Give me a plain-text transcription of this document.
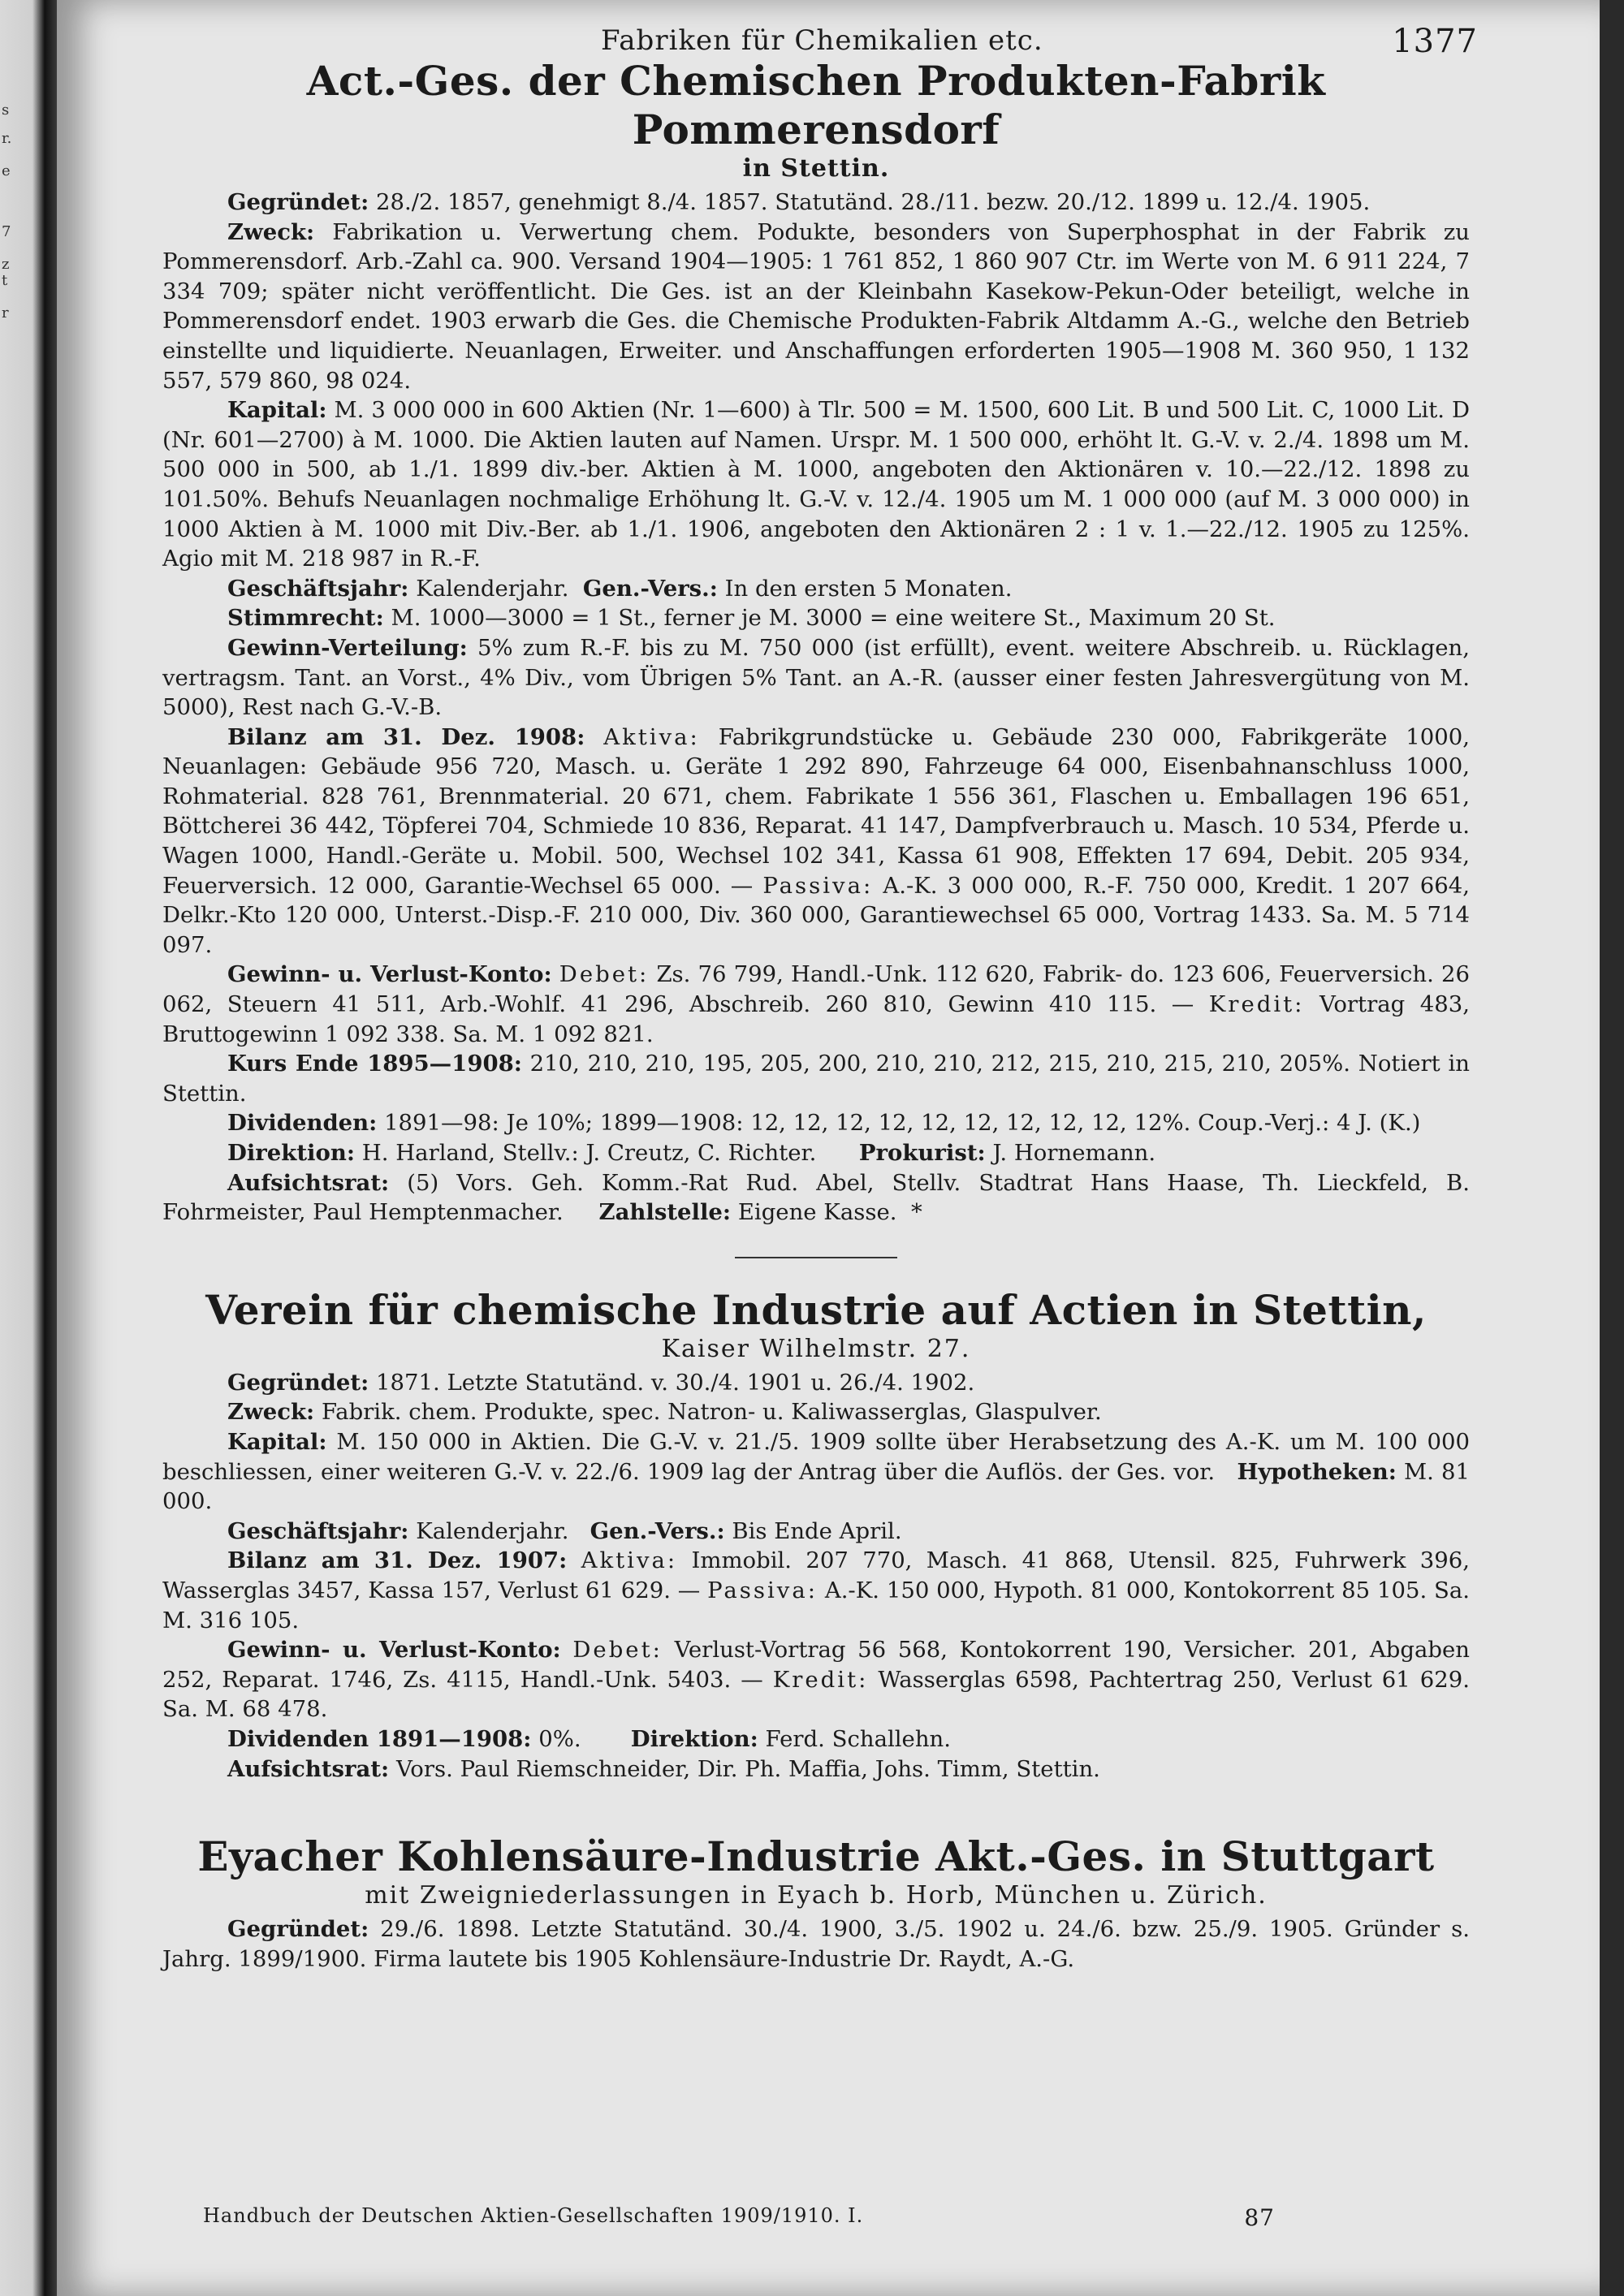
s
r.
e
7
z
t
r
Fabriken für Chemikalien etc.	1377
Act.-Ges. der Chemischen Produkten-Fabrik Pommerensdorf

in Stettin.

Gegründet: 28./2. 1857, genehmigt 8./4. 1857. Statutänd. 28./11. bezw. 20./12. 1899 u. 12./4. 1905.

Zweck: Fabrikation u. Verwertung chem. Podukte, besonders von Superphosphat in der Fabrik zu Pommerensdorf. Arb.-Zahl ca. 900. Versand 1904—1905: 1 761 852, 1 860 907 Ctr. im Werte von M. 6 911 224, 7 334 709; später nicht veröffentlicht. Die Ges. ist an der Kleinbahn Kasekow-Pekun-Oder beteiligt, welche in Pommerensdorf endet. 1903 erwarb die Ges. die Chemische Produkten-Fabrik Altdamm A.-G., welche den Betrieb einstellte und liquidierte. Neuanlagen, Erweiter. und Anschaffungen erforderten 1905—1908 M. 360 950, 1 132 557, 579 860, 98 024.

Kapital: M. 3 000 000 in 600 Aktien (Nr. 1—600) à Tlr. 500 = M. 1500, 600 Lit. B und 500 Lit. C, 1000 Lit. D (Nr. 601—2700) à M. 1000. Die Aktien lauten auf Namen. Urspr. M. 1 500 000, erhöht lt. G.-V. v. 2./4. 1898 um M. 500 000 in 500, ab 1./1. 1899 div.-ber. Aktien à M. 1000, angeboten den Aktionären v. 10.—22./12. 1898 zu 101.50%. Behufs Neuanlagen nochmalige Erhöhung lt. G.-V. v. 12./4. 1905 um M. 1 000 000 (auf M. 3 000 000) in 1000 Aktien à M. 1000 mit Div.-Ber. ab 1./1. 1906, angeboten den Aktionären 2 : 1 v. 1.—22./12. 1905 zu 125%. Agio mit M. 218 987 in R.-F.

Geschäftsjahr: Kalenderjahr. Gen.-Vers.: In den ersten 5 Monaten.

Stimmrecht: M. 1000—3000 = 1 St., ferner je M. 3000 = eine weitere St., Maximum 20 St.

Gewinn-Verteilung: 5% zum R.-F. bis zu M. 750 000 (ist erfüllt), event. weitere Abschreib. u. Rücklagen, vertragsm. Tant. an Vorst., 4% Div., vom Übrigen 5% Tant. an A.-R. (ausser einer festen Jahresvergütung von M. 5000), Rest nach G.-V.-B.

Bilanz am 31. Dez. 1908: Aktiva: Fabrikgrundstücke u. Gebäude 230 000, Fabrikgeräte 1000, Neuanlagen: Gebäude 956 720, Masch. u. Geräte 1 292 890, Fahrzeuge 64 000, Eisenbahnanschluss 1000, Rohmaterial. 828 761, Brennmaterial. 20 671, chem. Fabrikate 1 556 361, Flaschen u. Emballagen 196 651, Böttcherei 36 442, Töpferei 704, Schmiede 10 836, Reparat. 41 147, Dampfverbrauch u. Masch. 10 534, Pferde u. Wagen 1000, Handl.-Geräte u. Mobil. 500, Wechsel 102 341, Kassa 61 908, Effekten 17 694, Debit. 205 934, Feuerversich. 12 000, Garantie-Wechsel 65 000. — Passiva: A.-K. 3 000 000, R.-F. 750 000, Kredit. 1 207 664, Delkr.-Kto 120 000, Unterst.-Disp.-F. 210 000, Div. 360 000, Garantiewechsel 65 000, Vortrag 1433. Sa. M. 5 714 097.

Gewinn- u. Verlust-Konto: Debet: Zs. 76 799, Handl.-Unk. 112 620, Fabrik- do. 123 606, Feuerversich. 26 062, Steuern 41 511, Arb.-Wohlf. 41 296, Abschreib. 260 810, Gewinn 410 115. — Kredit: Vortrag 483, Bruttogewinn 1 092 338. Sa. M. 1 092 821.

Kurs Ende 1895—1908: 210, 210, 210, 195, 205, 200, 210, 210, 212, 215, 210, 215, 210, 205%. Notiert in Stettin.

Dividenden: 1891—98: Je 10%; 1899—1908: 12, 12, 12, 12, 12, 12, 12, 12, 12, 12%. Coup.-Verj.: 4 J. (K.)

Direktion: H. Harland, Stellv.: J. Creutz, C. Richter. Prokurist: J. Hornemann.

Aufsichtsrat: (5) Vors. Geh. Komm.-Rat Rud. Abel, Stellv. Stadtrat Hans Haase, Th. Lieckfeld, B. Fohrmeister, Paul Hemptenmacher. Zahlstelle: Eigene Kasse. *

Verein für chemische Industrie auf Actien in Stettin,

Kaiser Wilhelmstr. 27.

Gegründet: 1871. Letzte Statutänd. v. 30./4. 1901 u. 26./4. 1902.

Zweck: Fabrik. chem. Produkte, spec. Natron- u. Kaliwasserglas, Glaspulver.

Kapital: M. 150 000 in Aktien. Die G.-V. v. 21./5. 1909 sollte über Herabsetzung des A.-K. um M. 100 000 beschliessen, einer weiteren G.-V. v. 22./6. 1909 lag der Antrag über die Auflös. der Ges. vor. Hypotheken: M. 81 000.

Geschäftsjahr: Kalenderjahr. Gen.-Vers.: Bis Ende April.

Bilanz am 31. Dez. 1907: Aktiva: Immobil. 207 770, Masch. 41 868, Utensil. 825, Fuhrwerk 396, Wasserglas 3457, Kassa 157, Verlust 61 629. — Passiva: A.-K. 150 000, Hypoth. 81 000, Kontokorrent 85 105. Sa. M. 316 105.

Gewinn- u. Verlust-Konto: Debet: Verlust-Vortrag 56 568, Kontokorrent 190, Versicher. 201, Abgaben 252, Reparat. 1746, Zs. 4115, Handl.-Unk. 5403. — Kredit: Wasserglas 6598, Pachtertrag 250, Verlust 61 629. Sa. M. 68 478.

Dividenden 1891—1908: 0%. Direktion: Ferd. Schallehn.

Aufsichtsrat: Vors. Paul Riemschneider, Dir. Ph. Maffia, Johs. Timm, Stettin.

Eyacher Kohlensäure-Industrie Akt.-Ges. in Stuttgart

mit Zweigniederlassungen in Eyach b. Horb, München u. Zürich.

Gegründet: 29./6. 1898. Letzte Statutänd. 30./4. 1900, 3./5. 1902 u. 24./6. bzw. 25./9. 1905. Gründer s. Jahrg. 1899/1900. Firma lautete bis 1905 Kohlensäure-Industrie Dr. Raydt, A.-G.

Handbuch der Deutschen Aktien-Gesellschaften 1909/1910. I.	87
